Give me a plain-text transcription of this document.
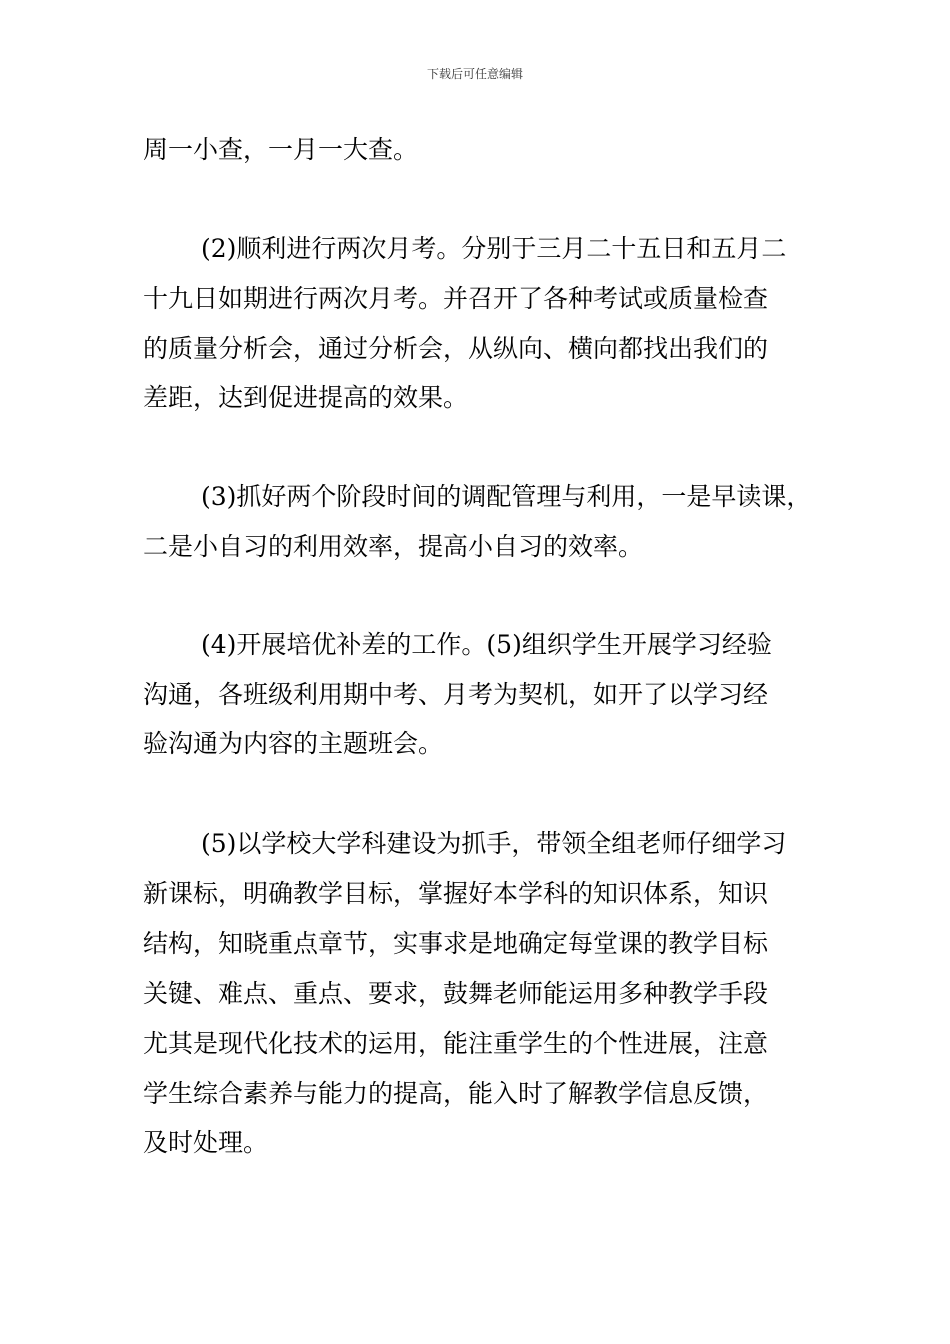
下载后可任意编辑
周一小查，一月一大查。
(2)顺利进行两次月考。分别于三月二十五日和五月二
十九日如期进行两次月考。并召开了各种考试或质量检查
的质量分析会，通过分析会，从纵向、横向都找出我们的
差距，达到促进提高的效果。
(3)抓好两个阶段时间的调配管理与利用，一是早读课，
二是小自习的利用效率，提高小自习的效率。
(4)开展培优补差的工作。(5)组织学生开展学习经验
沟通，各班级利用期中考、月考为契机，如开了以学习经
验沟通为内容的主题班会。
(5)以学校大学科建设为抓手，带领全组老师仔细学习
新课标，明确教学目标，掌握好本学科的知识体系，知识
结构，知晓重点章节，实事求是地确定每堂课的教学目标
关键、难点、重点、要求，鼓舞老师能运用多种教学手段
尤其是现代化技术的运用，能注重学生的个性进展，注意
学生综合素养与能力的提高，能入时了解教学信息反馈，
及时处理。
